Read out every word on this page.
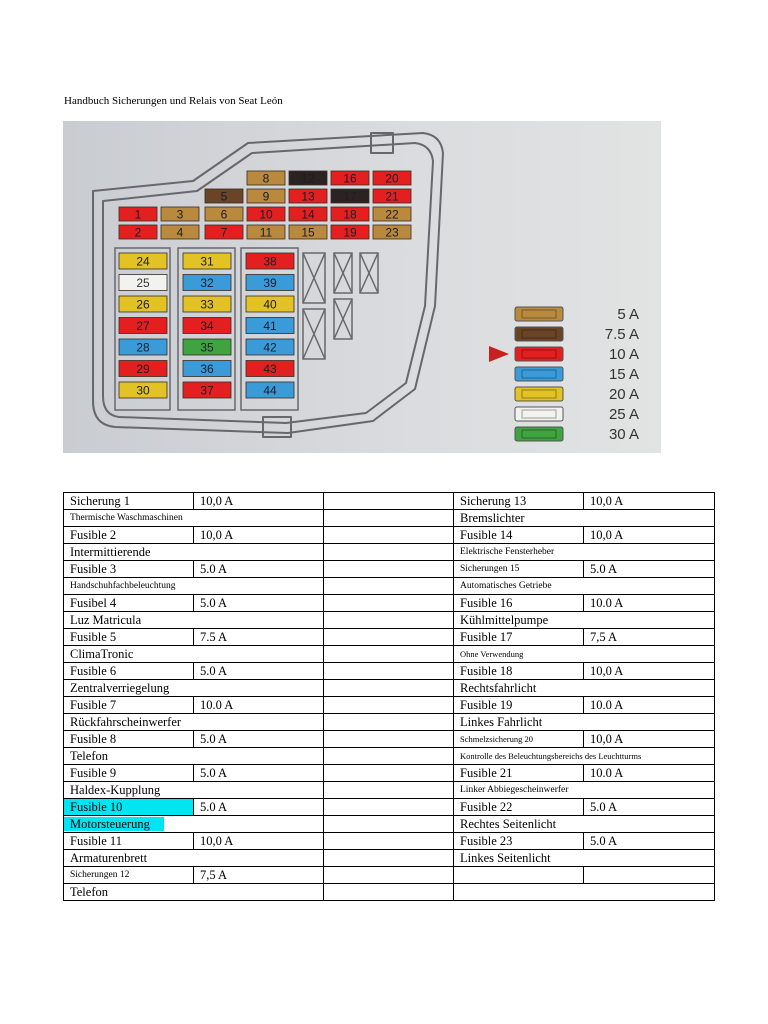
Handbuch Sicherungen und Relais von Seat León
1
2
3
4
5
6
7
8
9
10
11
12
13
14
15
16
17
18
19
20
21
22
23
24
25
26
27
28
29
30
31
32
33
34
35
36
37
38
39
40
41
42
43
44
5 A
7.5 A
10 A
15 A
20 A
25 A
30 A
Sicherung 1	10,0 A		Sicherung 13	10,0 A
Thermische Waschmaschinen			Bremslichter	
Fusible 2	10,0 A		Fusible 14	10,0 A
Intermittierende			Elektrische Fensterheber	
Fusible 3	5.0 A		Sicherungen 15	5.0 A
Handschuhfachbeleuchtung			Automatisches Getriebe	
Fusibel 4	5.0 A		Fusible 16	10.0 A
Luz Matricula			Kühlmittelpumpe	
Fusible 5	7.5 A		Fusible 17	7,5 A
ClimaTronic			Ohne Verwendung	
Fusible 6	5.0 A		Fusible 18	10,0 A
Zentralverriegelung			Rechtsfahrlicht	
Fusible 7	10.0 A		Fusible 19	10.0 A
Rückfahrscheinwerfer			Linkes Fahrlicht	
Fusible 8	5.0 A		Schmelzsicherung 20	10,0 A
Telefon			Kontrolle des Beleuchtungsbereichs des Leuchtturms	
Fusible 9	5.0 A		Fusible 21	10.0 A
Haldex-Kupplung			Linker Abbiegescheinwerfer	
Fusible 10	5.0 A		Fusible 22	5.0 A
Motorsteuerung			Rechtes Seitenlicht	
Fusible 11	10,0 A		Fusible 23	5.0 A
Armaturenbrett			Linkes Seitenlicht	
Sicherungen 12	7,5 A			
Telefon				
